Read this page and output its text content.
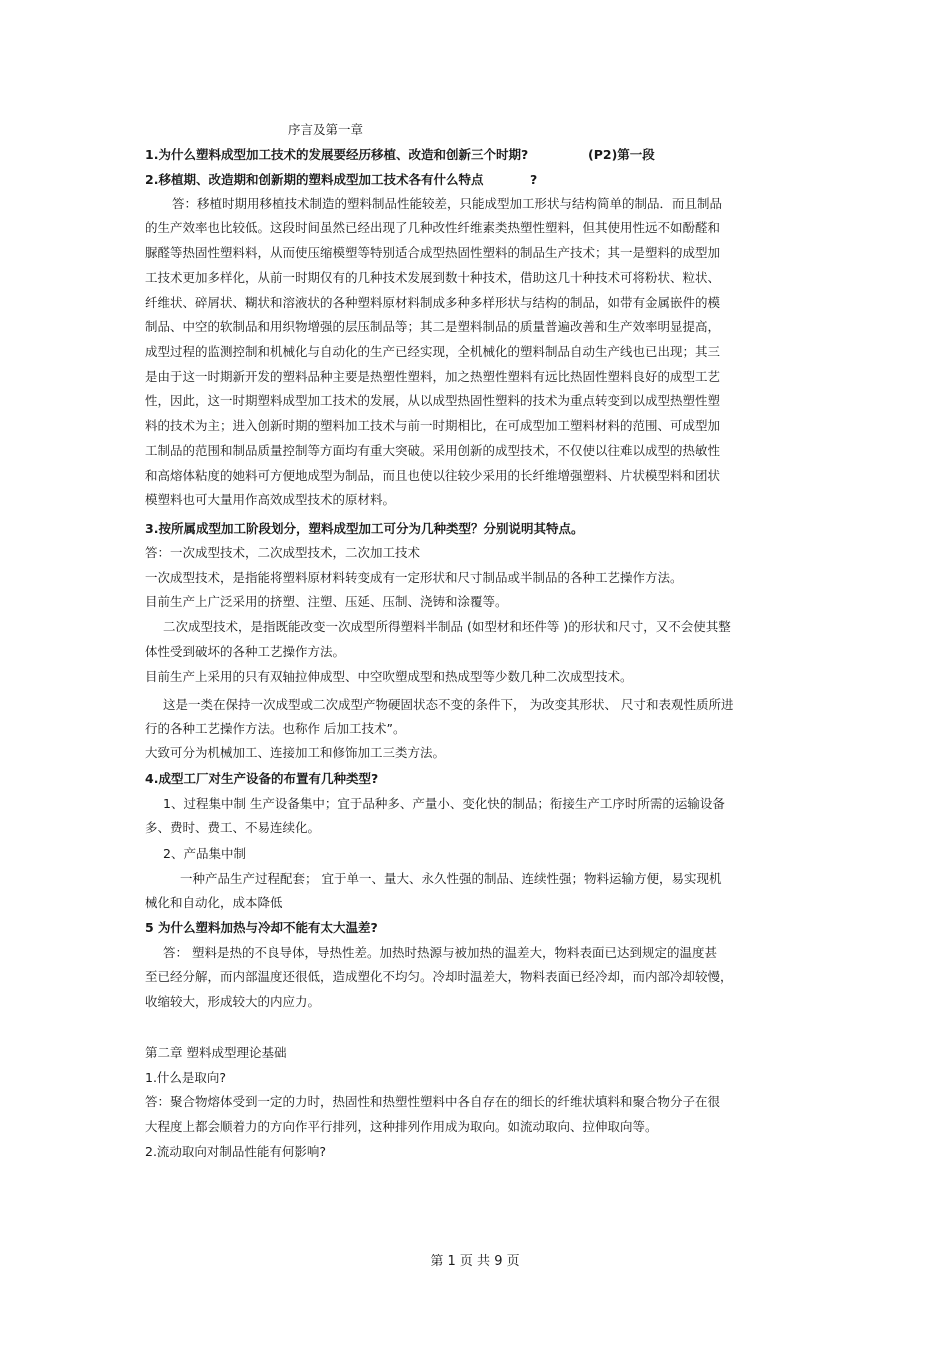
序言及第一章

1.为什么塑料成型加工技术的发展要经历移植、改造和创新三个时期?	(P2)第一段

2.移植期、改造期和创新期的塑料成型加工技术各有什么特点	?

答：移植时期用移植技术制造的塑料制品性能较差，只能成型加工形状与结构简单的制品．而且制品

的生产效率也比较低。这段时间虽然已经出现了几种改性纤维素类热塑性塑料，但其使用性远不如酚醛和

脲醛等热固性塑料料，从而使压缩模塑等特别适合成型热固性塑料的制品生产技术；其一是塑料的成型加

工技术更加多样化，从前一时期仅有的几种技术发展到数十种技术，借助这几十种技术可将粉状、粒状、

纤维状、碎屑状、糊状和溶液状的各种塑料原材料制成多种多样形状与结构的制品，如带有金属嵌件的模

制品、中空的软制品和用织物增强的层压制品等；其二是塑料制品的质量普遍改善和生产效率明显提高，

成型过程的监测控制和机械化与自动化的生产已经实现，全机械化的塑料制品自动生产线也已出现；其三

是由于这一时期新开发的塑料品种主要是热塑性塑料，加之热塑性塑料有远比热固性塑料良好的成型工艺

性，因此，这一时期塑料成型加工技术的发展，从以成型热固性塑料的技术为重点转变到以成型热塑性塑

料的技术为主；进入创新时期的塑料加工技术与前一时期相比，在可成型加工塑料材料的范围、可成型加

工制品的范围和制品质量控制等方面均有重大突破。采用创新的成型技术，不仅使以往难以成型的热敏性

和高熔体粘度的她料可方便地成型为制品，而且也使以往较少采用的长纤维增强塑料、片状模型料和团状

模塑料也可大量用作高效成型技术的原材料。

3.按所属成型加工阶段划分，塑料成型加工可分为几种类型？分别说明其特点。

答：一次成型技术，二次成型技术，二次加工技术

一次成型技术，是指能将塑料原材料转变成有一定形状和尺寸制品或半制品的各种工艺操作方法。

目前生产上广泛采用的挤塑、注塑、压延、压制、浇铸和涂覆等。

二次成型技术，是指既能改变一次成型所得塑料半制品 (如型材和坯件等 )的形状和尺寸，又不会使其整

体性受到破坏的各种工艺操作方法。

目前生产上采用的只有双轴拉伸成型、中空吹塑成型和热成型等少数几种二次成型技术。

这是一类在保持一次成型或二次成型产物硬固状态不变的条件下， 为改变其形状、 尺寸和表观性质所进

行的各种工艺操作方法。也称作 后加工技术”。

大致可分为机械加工、连接加工和修饰加工三类方法。

4.成型工厂对生产设备的布置有几种类型?

1、过程集中制 生产设备集中；宜于品种多、产量小、变化快的制品；衔接生产工序时所需的运输设备

多、费时、费工、不易连续化。

2、产品集中制

一种产品生产过程配套； 宜于单一、量大、永久性强的制品、连续性强；物料运输方便，易实现机

械化和自动化，成本降低

5 为什么塑料加热与冷却不能有太大温差?

答： 塑料是热的不良导体，导热性差。加热时热源与被加热的温差大，物料表面已达到规定的温度甚

至已经分解，而内部温度还很低，造成塑化不均匀。冷却时温差大，物料表面已经冷却，而内部冷却较慢，

收缩较大，形成较大的内应力。

第二章 塑料成型理论基础

1.什么是取向?

答：聚合物熔体受到一定的力时，热固性和热塑性塑料中各自存在的细长的纤维状填料和聚合物分子在很

大程度上都会顺着力的方向作平行排列，这种排列作用成为取向。如流动取向、拉伸取向等。

2.流动取向对制品性能有何影响?

第 1 页 共 9 页
